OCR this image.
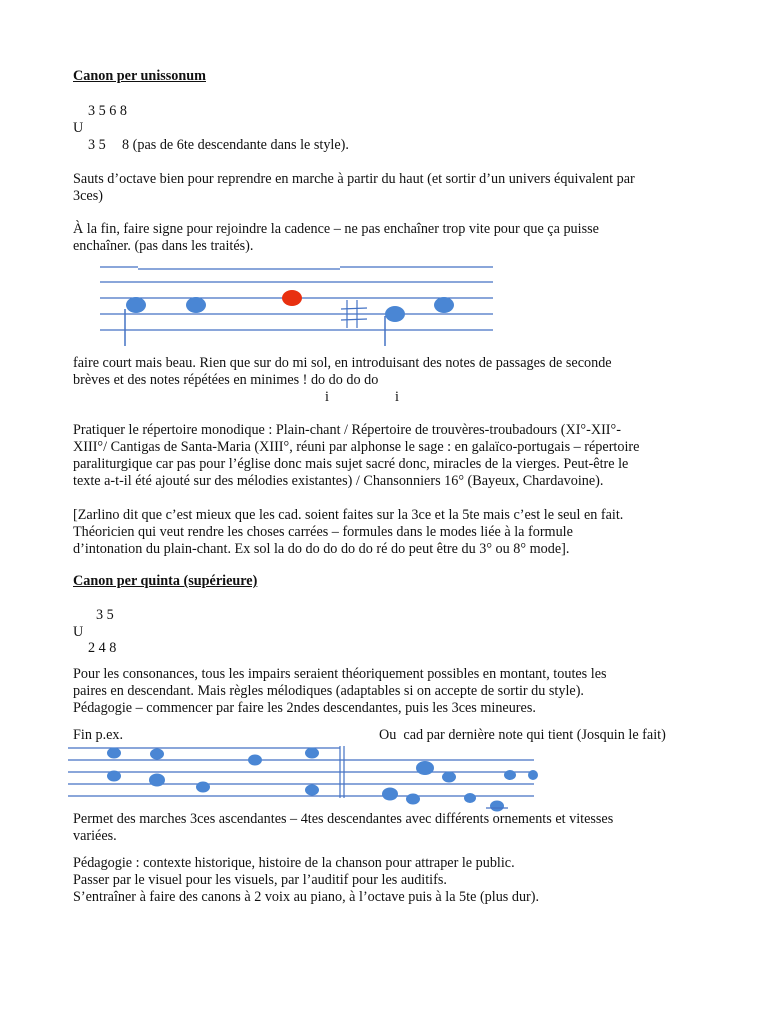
Canon per unissonum
3 5 6 8
U
3 5 8 (pas de 6te descendante dans le style).
Sauts d’octave bien pour reprendre en marche à partir du haut (et sortir d’un univers équivalent par
3ces)
À la fin, faire signe pour rejoindre la cadence – ne pas enchaîner trop vite pour que ça puisse
enchaîner. (pas dans les traités).
faire court mais beau. Rien que sur do mi sol, en introduisant des notes de passages de seconde
brèves et des notes répétées en minimes ! do do do do
i	i
Pratiquer le répertoire monodique : Plain-chant / Répertoire de trouvères-troubadours (XI°-XII°-
XIII°/ Cantigas de Santa-Maria (XIII°, réuni par alphonse le sage : en galaïco-portugais – répertoire
paraliturgique car pas pour l’église donc mais sujet sacré donc, miracles de la vierges. Peut-être le
texte a-t-il été ajouté sur des mélodies existantes) / Chansonniers 16° (Bayeux, Chardavoine).
[Zarlino dit que c’est mieux que les cad. soient faites sur la 3ce et la 5te mais c’est le seul en fait.
Théoricien qui veut rendre les choses carrées – formules dans le modes liée à la formule
d’intonation du plain-chant. Ex sol la do do do do do ré do peut être du 3° ou 8° mode].
Canon per quinta (supérieure)
3 5
U
2 4 8
Pour les consonances, tous les impairs seraient théoriquement possibles en montant, toutes les
paires en descendant. Mais règles mélodiques (adaptables si on accepte de sortir du style).
Pédagogie – commencer par faire les 2ndes descendantes, puis les 3ces mineures.
Fin p.ex.	Ou  cad par dernière note qui tient (Josquin le fait)
Permet des marches 3ces ascendantes – 4tes descendantes avec différents ornements et vitesses
variées.
Pédagogie : contexte historique, histoire de la chanson pour attraper le public.
Passer par le visuel pour les visuels, par l’auditif pour les auditifs.
S’entraîner à faire des canons à 2 voix au piano, à l’octave puis à la 5te (plus dur).
